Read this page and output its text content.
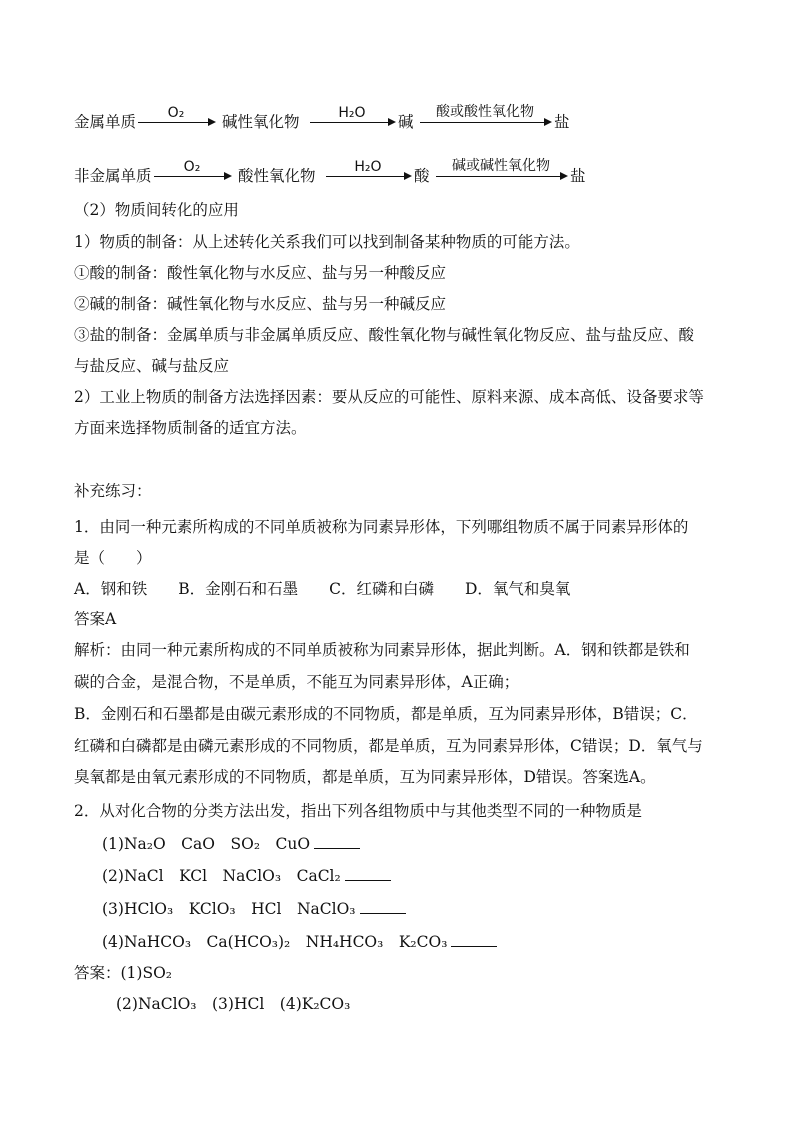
金属单质	O₂	碱性氧化物	H₂O	碱
酸或酸性氧化物
盐
非金属单质	O₂	酸性氧化物	H₂O	酸
碱或碱性氧化物
盐
（2）物质间转化的应用
1）物质的制备：从上述转化关系我们可以找到制备某种物质的可能方法。
①酸的制备：酸性氧化物与水反应、盐与另一种酸反应
②碱的制备：碱性氧化物与水反应、盐与另一种碱反应
③盐的制备：金属单质与非金属单质反应、酸性氧化物与碱性氧化物反应、盐与盐反应、酸
与盐反应、碱与盐反应
2）工业上物质的制备方法选择因素：要从反应的可能性、原料来源、成本高低、设备要求等
方面来选择物质制备的适宜方法。
补充练习：
1．由同一种元素所构成的不同单质被称为同素异形体，下列哪组物质不属于同素异形体的
是（　　）
A．钢和铁　　B．金刚石和石墨　　C．红磷和白磷　　D．氧气和臭氧
答案A
解析：由同一种元素所构成的不同单质被称为同素异形体，据此判断。A．钢和铁都是铁和
碳的合金，是混合物，不是单质，不能互为同素异形体，A正确；
B．金刚石和石墨都是由碳元素形成的不同物质，都是单质，互为同素异形体，B错误；C．
红磷和白磷都是由磷元素形成的不同物质，都是单质，互为同素异形体，C错误；D．氧气与
臭氧都是由氧元素形成的不同物质，都是单质，互为同素异形体，D错误。答案选A。
2．从对化合物的分类方法出发，指出下列各组物质中与其他类型不同的一种物质是
(1)Na₂O　CaO　SO₂　CuO
(2)NaCl　KCl　NaClO₃　CaCl₂
(3)HClO₃　KClO₃　HCl　NaClO₃
(4)NaHCO₃　Ca(HCO₃)₂　NH₄HCO₃　K₂CO₃
答案：(1)SO₂
(2)NaClO₃　(3)HCl　(4)K₂CO₃
